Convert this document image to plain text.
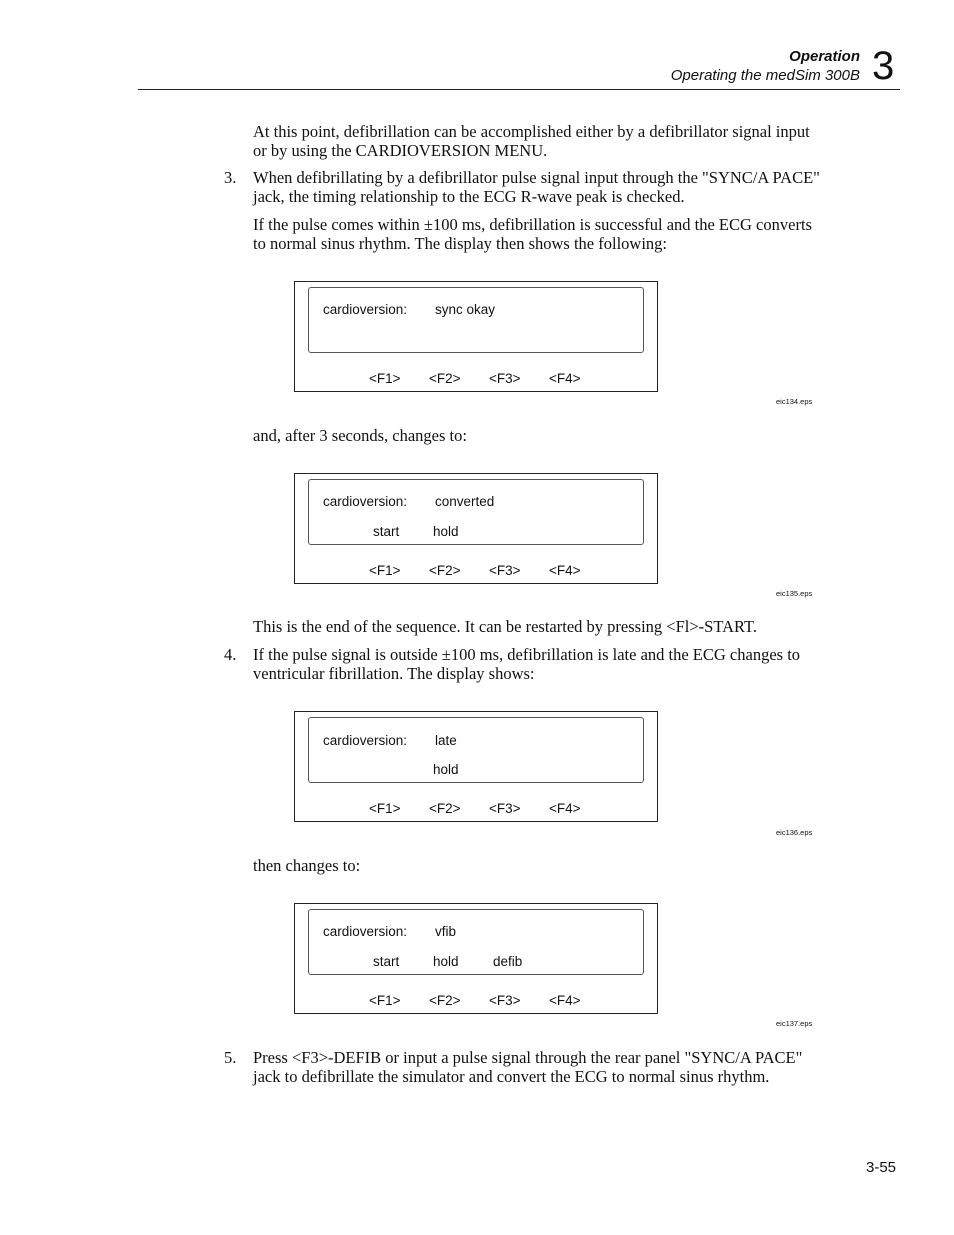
Operation
Operating the medSim 300B 3
At this point, defibrillation can be accomplished either by a defibrillator signal input or by using the CARDIOVERSION MENU.
3. When defibrillating by a defibrillator pulse signal input through the "SYNC/A PACE" jack, the timing relationship to the ECG R-wave peak is checked.
If the pulse comes within ±100 ms, defibrillation is successful and the ECG converts to normal sinus rhythm. The display then shows the following:
cardioversion: sync okay
<F1> <F2> <F3> <F4>
eic134.eps
and, after 3 seconds, changes to:
cardioversion: converted
start hold
<F1> <F2> <F3> <F4>
eic135.eps
This is the end of the sequence. It can be restarted by pressing <Fl>-START.
4. If the pulse signal is outside ±100 ms, defibrillation is late and the ECG changes to ventricular fibrillation. The display shows:
cardioversion: late
hold
<F1> <F2> <F3> <F4>
eic136.eps
then changes to:
cardioversion: vfib
start hold	defib
<F1> <F2> <F3> <F4>
eic137.eps
5. Press <F3>-DEFIB or input a pulse signal through the rear panel "SYNC/A PACE" jack to defibrillate the simulator and convert the ECG to normal sinus rhythm.
3-55
